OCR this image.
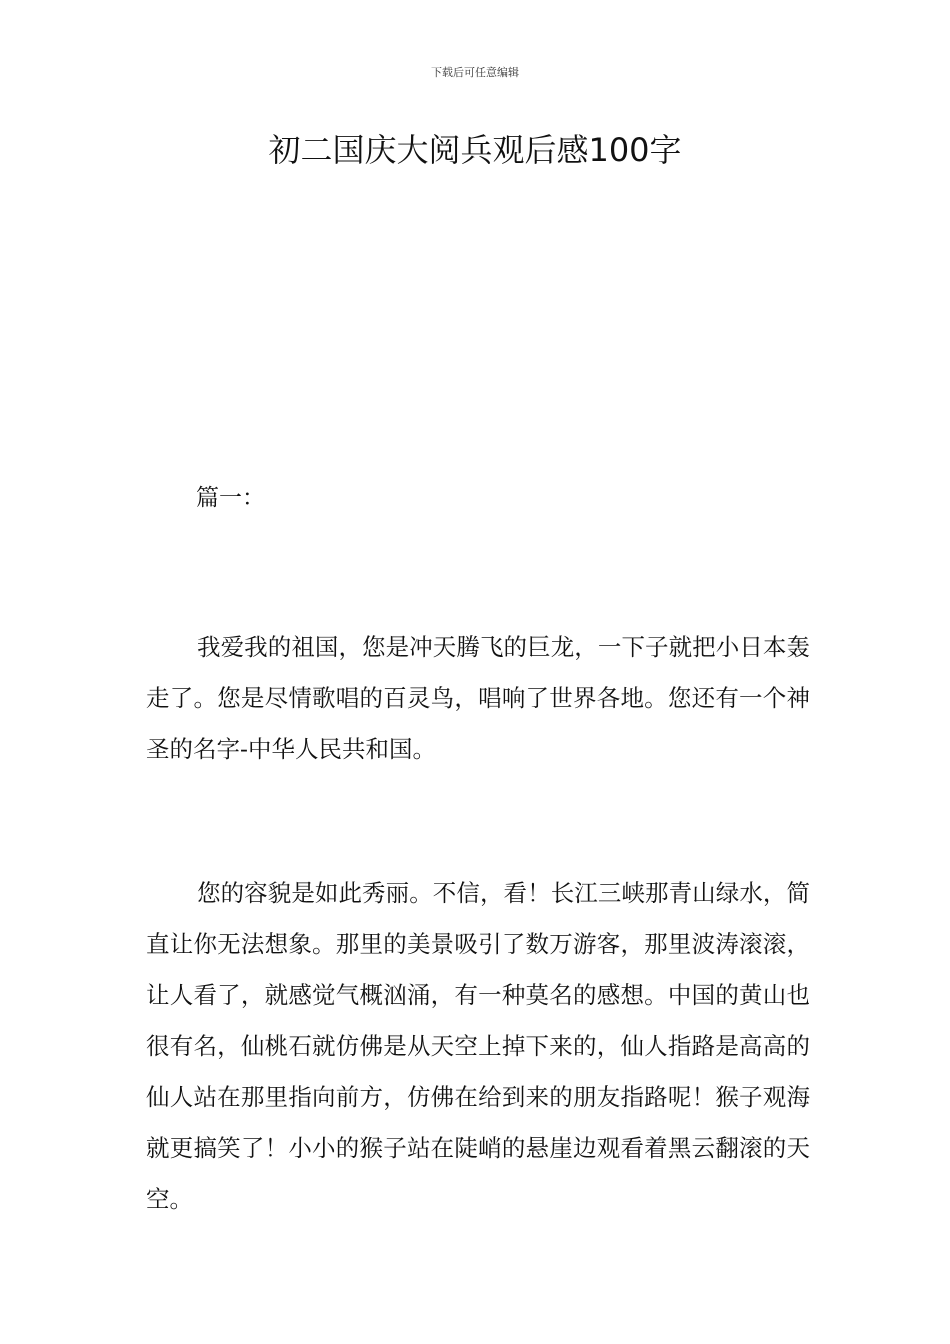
下载后可任意编辑
初二国庆大阅兵观后感100字
篇一：

我爱我的祖国，您是冲天腾飞的巨龙，一下子就把小日本轰走了。您是尽情歌唱的百灵鸟，唱响了世界各地。您还有一个神圣的名字-中华人民共和国。

您的容貌是如此秀丽。不信，看！长江三峡那青山绿水，简直让你无法想象。那里的美景吸引了数万游客，那里波涛滚滚，让人看了，就感觉气概汹涌，有一种莫名的感想。中国的黄山也很有名，仙桃石就仿佛是从天空上掉下来的，仙人指路是高高的仙人站在那里指向前方，仿佛在给到来的朋友指路呢！猴子观海就更搞笑了！小小的猴子站在陡峭的悬崖边观看着黑云翻滚的天空。
